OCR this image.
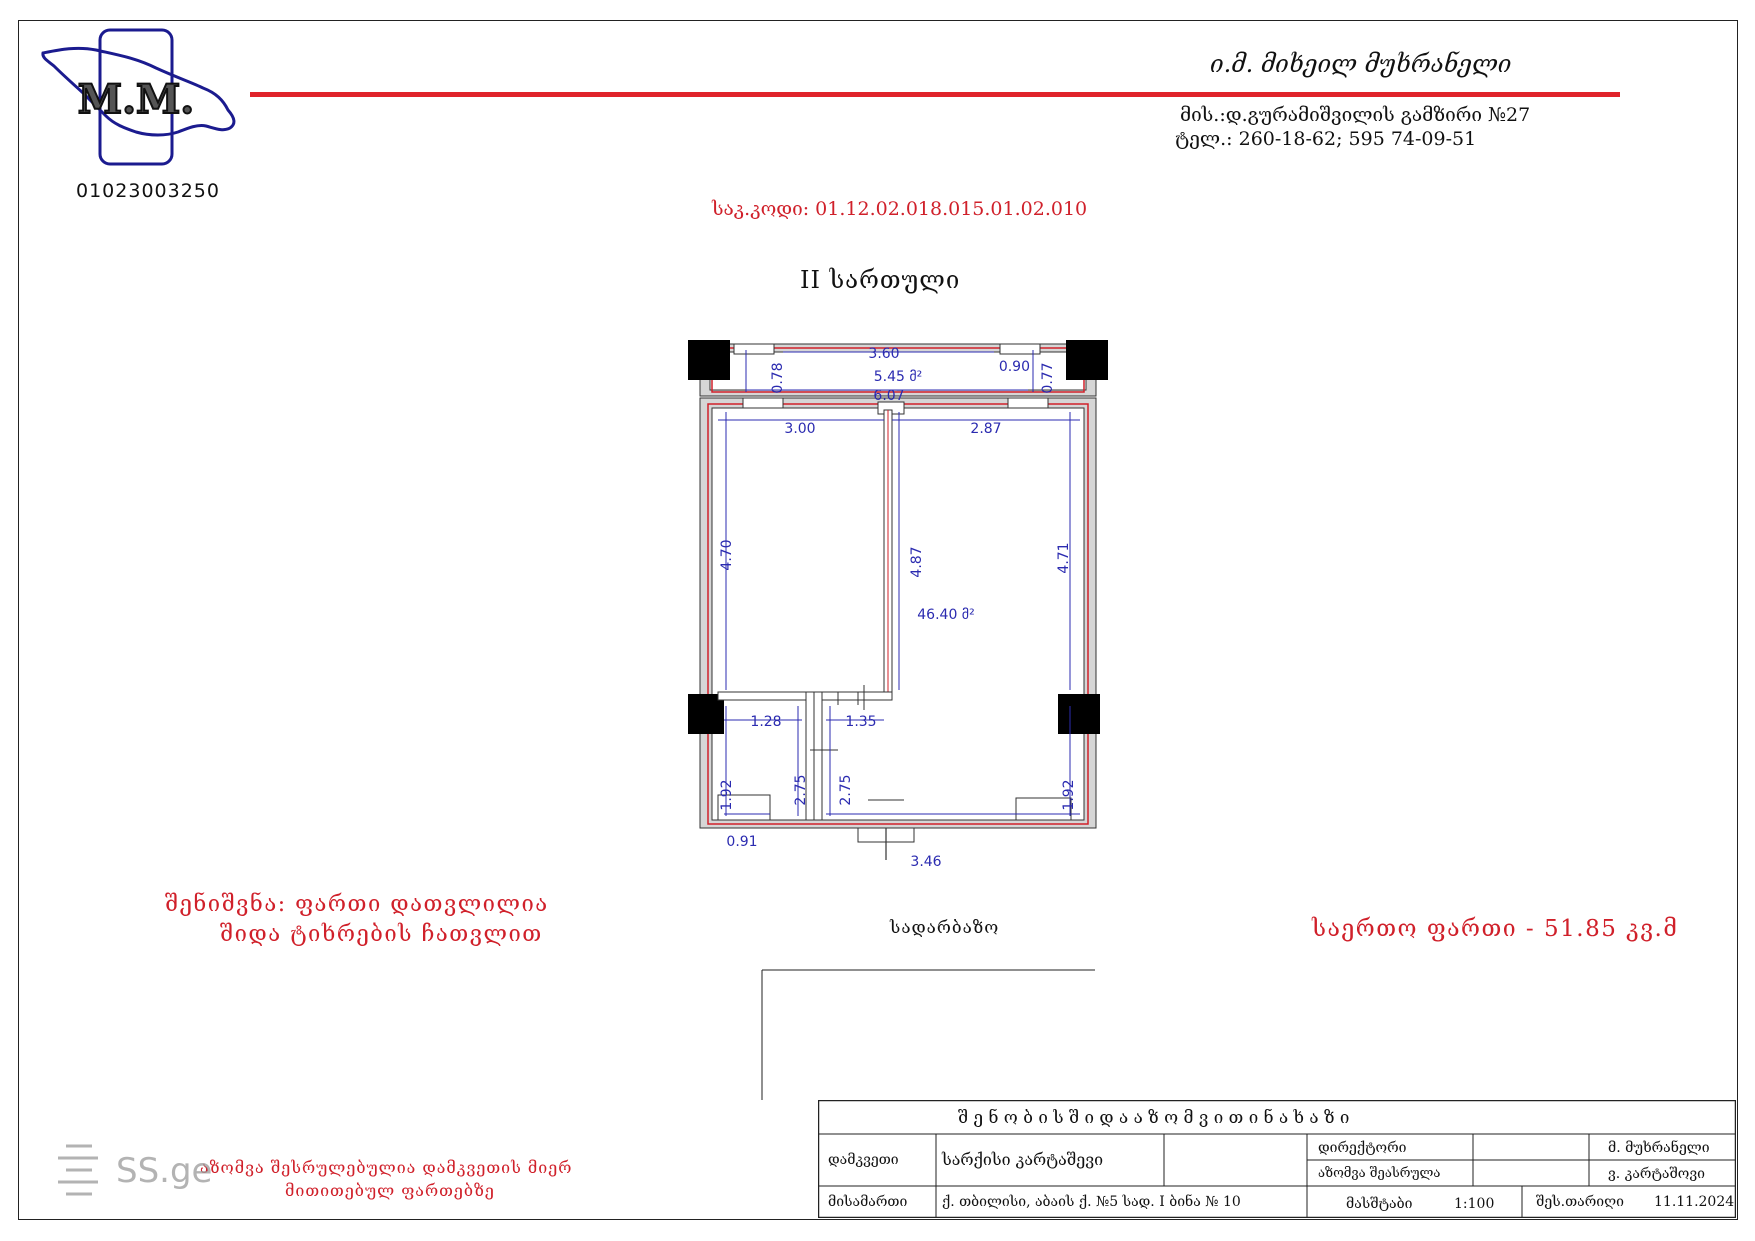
M.M.
01023003250
ი.მ. მიხეილ მუხრანელი
მის.:დ.გურამიშვილის გამზირი №27
ტელ.: 260-18-62; 595 74-09-51
საკ.კოდი: 01.12.02.018.015.01.02.010
II სართული
3.60
0.90
6.07
3.00	2.87
1.28	1.35
0.91
3.46
0.78	0.77
4.70	4.87	4.71
1.92	2.75 2.75	1.92
5.45 მ²
46.40 მ²
სადარბაზო
შენიშვნა: ფართი დათვლილია
შიდა ტიხრების ჩათვლით	საერთო ფართი - 51.85 კვ.მ
შ ე ნ ო ბ ი ს შ ი დ ა ა ზ ო მ ვ ი თ ი ნ ა ხ ა ზ ი
დამკვეთი	სარქისი კარტაშევი
დირექტორი	მ. მუხრანელი
აზომვა შეასრულა	ვ. კარტაშოვი
მისამართი ქ. თბილისი, აბაის ქ. №5 სად. I ბინა № 10	მასშტაბი	1:100	შეს.თარიღი 11.11.2024
აზომვა შესრულებულია დამკვეთის მიერ
მითითებულ ფართებზე
SS.ge
